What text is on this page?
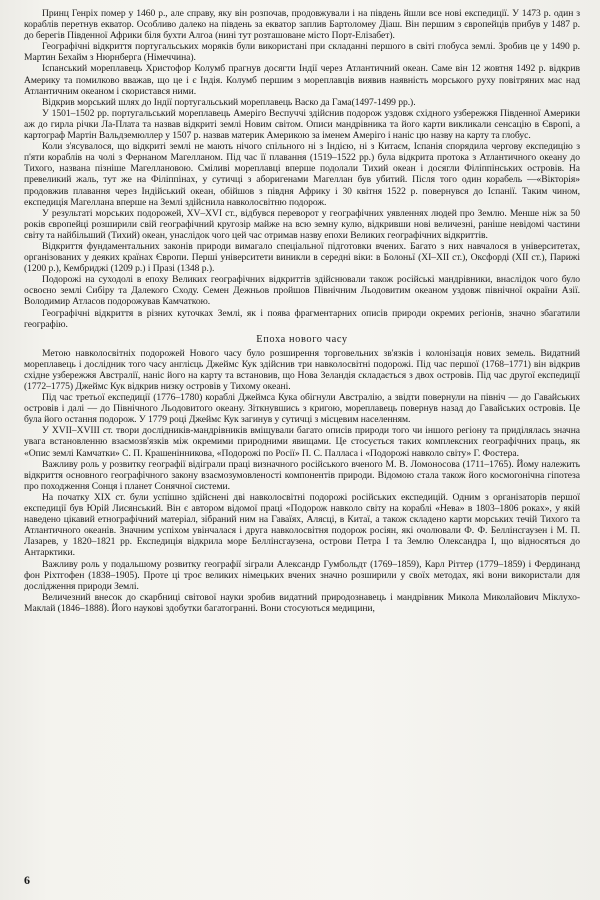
Принц Генріх помер у 1460 р., але справу, яку він розпочав, продовжували і на південь йшли все нові експедиції. У 1473 р. один з кораблів перетнув екватор. Особливо далеко на південь за екватор заплив Бартоломеу Діаш. Він першим з європейців прибув у 1487 р. до берегів Південної Африки біля бухти Алгоа (нині тут розташоване місто Порт-Елізабет).

Географічні відкриття португальських моряків були використані при складанні першого в світі глобуса землі. Зробив це у 1490 р. Мартин Бехайм з Нюрнберга (Німеччина).

Іспанський мореплавець Христофор Колумб прагнув досягти Індії через Атлантичний океан. Саме він 12 жовтня 1492 р. відкрив Америку та помилково вважав, що це і є Індія. Колумб першим з мореплавців виявив наявність морського руху повітряних мас над Атлантичним океаном і скористався ними.

Відкрив морський шлях до Індії португальський мореплавець Васко да Гама(1497-1499 рр.).

У 1501–1502 рр. португальський мореплавець Амеріго Веспуччі здійснив подорож уздовж східного узбережжя Південної Америки аж до гирла річки Ла-Плата та назвав відкриті землі Новим світом. Описи мандрівника та його карти викликали сенсацію в Європі, а картограф Мартін Вальдземюллер у 1507 р. назвав материк Америкою за іменем Амеріго і наніс цю назву на карту та глобус.

Коли з'ясувалося, що відкриті землі не мають нічого спільного ні з Індією, ні з Китаєм, Іспанія спорядила чергову експедицію з п'яти кораблів на чолі з Фернаном Магелланом. Під час її плавання (1519–1522 рр.) була відкрита протока з Атлантичного океану до Тихого, названа пізніше Магеллановою. Сміливі мореплавці вперше подолали Тихий океан і досягли Філіппінських островів. На превеликий жаль, тут же на Філіппінах, у сутичці з аборигенами Магеллан був убитий. Після того один корабель —«Вікторія» продовжив плавання через Індійський океан, обійшов з півдня Африку і 30 квітня 1522 р. повернувся до Іспанії. Таким чином, експедиція Магеллана вперше на Землі здійснила навколосвітню подорож.

У результаті морських подорожей, XV–XVI ст., відбувся переворот у географічних уявленнях людей про Землю. Менше ніж за 50 років європейці розширили свій географічний кругозір майже на всю земну кулю, відкривши нові величезні, раніше невідомі частини світу та найбільший (Тихий) океан, унаслідок чого цей час отримав назву епохи Великих географічних відкриттів.

Відкриття фундаментальних законів природи вимагало спеціальної підготовки вчених. Багато з них навчалося в університетах, організованих у деяких країнах Європи. Перші університети виникли в середні віки: в Болоньї (XI–XII ст.), Оксфорді (XII ст.), Парижі (1200 р.), Кембриджі (1209 р.) і Празі (1348 р.).

Подорожі на суходолі в епоху Великих географічних відкриттів здійснювали також російські мандрівники, внаслідок чого було освоєно землі Сибіру та Далекого Сходу. Семен Дежньов пройшов Північним Льодовитим океаном уздовж північної окраїни Азії. Володимир Атласов подорожував Камчаткою.

Географічні відкриття в різних куточках Землі, як і поява фрагментарних описів природи окремих регіонів, значно збагатили географію.

Епоха нового часу

Метою навколосвітніх подорожей Нового часу було розширення торговельних зв'язків і колонізація нових земель. Видатний мореплавець і дослідник того часу англієць Джеймс Кук здійснив три навколосвітні подорожі. Під час першої (1768–1771) він відкрив східне узбережжя Австралії, наніс його на карту та встановив, що Нова Зеландія складається з двох островів. Під час другої експедиції (1772–1775) Джеймс Кук відкрив низку островів у Тихому океані.

Під час третьої експедиції (1776–1780) кораблі Джеймса Кука обігнули Австралію, а звідти повернули на північ — до Гавайських островів і далі — до Північного Льодовитого океану. Зіткнувшись з кригою, мореплавець повернув назад до Гавайських островів. Це була його остання подорож. У 1779 році Джеймс Кук загинув у сутичці з місцевим населенням.

У XVII–XVIII ст. твори дослідників-мандрівників вміщували багато описів природи того чи іншого регіону та приділялась значна увага встановленню взаємозв'язків між окремими природними явищами. Це стосується таких комплексних географічних праць, як «Опис землі Камчатки» С. П. Крашенінникова, «Подорожі по Росії» П. С. Палласа і «Подорожі навколо світу» Г. Фостера.

Важливу роль у розвитку географії відіграли праці визначного російського вченого М. В. Ломоносова (1711–1765). Йому належить відкриття основного географічного закону взаємозумовленості компонентів природи. Відомою стала також його космогонічна гіпотеза про походження Сонця і планет Сонячної системи.

На початку XIX ст. були успішно здійснені дві навколосвітні подорожі російських експедицій. Одним з організаторів першої експедиції був Юрій Лисянський. Він є автором відомої праці «Подорож навколо світу на кораблі «Нева» в 1803–1806 роках», у якій наведено цікавий етнографічний матеріал, зібраний ним на Гаваїях, Алясці, в Китаї, а також складено карти морських течій Тихого та Атлантичного океанів. Значним успіхом увінчалася і друга навколосвітня подорож росіян, які очолювали Ф. Ф. Беллінсгаузен і М. П. Лазарев, у 1820–1821 рр. Експедиція відкрила море Беллінсгаузена, острови Петра I та Землю Олександра I, що відносяться до Антарктики.

Важливу роль у подальшому розвитку географії зіграли Александр Гумбольдт (1769–1859), Карл Ріттер (1779–1859) і Фердинанд фон Ріхтгофен (1838–1905). Проте ці троє великих німецьких вчених значно розширили у своїх методах, які вони використали для дослідження природи Землі.

Величезний внесок до скарбниці світової науки зробив видатний природознавець і мандрівник Микола Миколайович Міклухо-Маклай (1846–1888). Його наукові здобутки багатогранні. Вони стосуються медицини,

6
